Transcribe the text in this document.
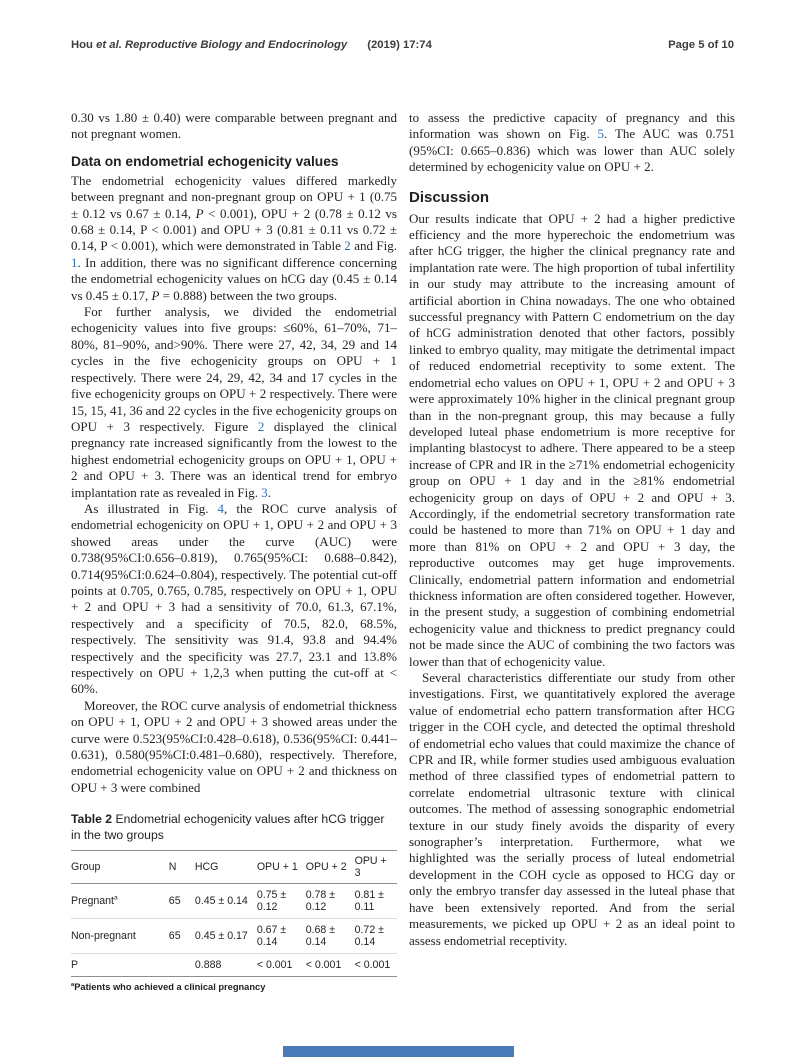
Hou et al. Reproductive Biology and Endocrinology (2019) 17:74	Page 5 of 10

0.30 vs 1.80 ± 0.40) were comparable between pregnant and not pregnant women.

Data on endometrial echogenicity values

The endometrial echogenicity values differed markedly between pregnant and non-pregnant group on OPU + 1 (0.75 ± 0.12 vs 0.67 ± 0.14, P < 0.001), OPU + 2 (0.78 ± 0.12 vs 0.68 ± 0.14, P < 0.001) and OPU + 3 (0.81 ± 0.11 vs 0.72 ± 0.14, P < 0.001), which were demonstrated in Table 2 and Fig. 1. In addition, there was no significant difference concerning the endometrial echogenicity values on hCG day (0.45 ± 0.14 vs 0.45 ± 0.17, P = 0.888) between the two groups.

For further analysis, we divided the endometrial echogenicity values into five groups: ≤60%, 61–70%, 71–80%, 81–90%, and>90%. There were 27, 42, 34, 29 and 14 cycles in the five echogenicity groups on OPU + 1 respectively. There were 24, 29, 42, 34 and 17 cycles in the five echogenicity groups on OPU + 2 respectively. There were 15, 15, 41, 36 and 22 cycles in the five echogenicity groups on OPU + 3 respectively. Figure 2 displayed the clinical pregnancy rate increased significantly from the lowest to the highest endometrial echogenicity groups on OPU + 1, OPU + 2 and OPU + 3. There was an identical trend for embryo implantation rate as revealed in Fig. 3.

As illustrated in Fig. 4, the ROC curve analysis of endometrial echogenicity on OPU + 1, OPU + 2 and OPU + 3 showed areas under the curve (AUC) were 0.738(95%CI:0.656–0.819), 0.765(95%CI: 0.688–0.842), 0.714(95%CI:0.624–0.804), respectively. The potential cut-off points at 0.705, 0.765, 0.785, respectively on OPU + 1, OPU + 2 and OPU + 3 had a sensitivity of 70.0, 61.3, 67.1%, respectively and a specificity of 70.5, 82.0, 68.5%, respectively. The sensitivity was 91.4, 93.8 and 94.4% respectively and the specificity was 27.7, 23.1 and 13.8% respectively on OPU + 1,2,3 when putting the cut-off at < 60%.

Moreover, the ROC curve analysis of endometrial thickness on OPU + 1, OPU + 2 and OPU + 3 showed areas under the curve were 0.523(95%CI:0.428–0.618), 0.536(95%CI: 0.441–0.631), 0.580(95%CI:0.481–0.680), respectively. Therefore, endometrial echogenicity value on OPU + 2 and thickness on OPU + 3 were combined

Table 2 Endometrial echogenicity values after hCG trigger in the two groups

Group	N	HCG	OPU + 1	OPU + 2	OPU + 3
Pregnant$^a$	65	0.45 ± 0.14	0.75 ± 0.12	0.78 ± 0.12	0.81 ± 0.11
Non-pregnant	65	0.45 ± 0.17	0.67 ± 0.14	0.68 ± 0.14	0.72 ± 0.14
P		0.888	< 0.001	< 0.001	< 0.001

$^a$Patients who achieved a clinical pregnancy

to assess the predictive capacity of pregnancy and this information was shown on Fig. 5. The AUC was 0.751 (95%CI: 0.665–0.836) which was lower than AUC solely determined by echogenicity value on OPU + 2.

Discussion

Our results indicate that OPU + 2 had a higher predictive efficiency and the more hyperechoic the endometrium was after hCG trigger, the higher the clinical pregnancy rate and implantation rate were. The high proportion of tubal infertility in our study may attribute to the increasing amount of artificial abortion in China nowadays. The one who obtained successful pregnancy with Pattern C endometrium on the day of hCG administration denoted that other factors, possibly linked to embryo quality, may mitigate the detrimental impact of reduced endometrial receptivity to some extent. The endometrial echo values on OPU + 1, OPU + 2 and OPU + 3 were approximately 10% higher in the clinical pregnant group than in the non-pregnant group, this may because a fully developed luteal phase endometrium is more receptive for implanting blastocyst to adhere. There appeared to be a steep increase of CPR and IR in the ≥71% endometrial echogenicity group on OPU + 1 day and in the ≥81% endometrial echogenicity group on days of OPU + 2 and OPU + 3. Accordingly, if the endometrial secretory transformation rate could be hastened to more than 71% on OPU + 1 day and more than 81% on OPU + 2 and OPU + 3 day, the reproductive outcomes may get huge improvements. Clinically, endometrial pattern information and endometrial thickness information are often considered together. However, in the present study, a suggestion of combining endometrial echogenicity value and thickness to predict pregnancy could not be made since the AUC of combining the two factors was lower than that of echogenicity value.

Several characteristics differentiate our study from other investigations. First, we quantitatively explored the average value of endometrial echo pattern transformation after HCG trigger in the COH cycle, and detected the optimal threshold of endometrial echo values that could maximize the chance of CPR and IR, while former studies used ambiguous evaluation method of three classified types of endometrial pattern to correlate endometrial ultrasonic texture with clinical outcomes. The method of assessing sonographic endometrial texture in our study finely avoids the disparity of every sonographer’s interpretation. Furthermore, what we highlighted was the serially process of luteal endometrial development in the COH cycle as opposed to HCG day or only the embryo transfer day assessed in the luteal phase that have been extensively reported. And from the serial measurements, we picked up OPU + 2 as an ideal point to assess endometrial receptivity.
